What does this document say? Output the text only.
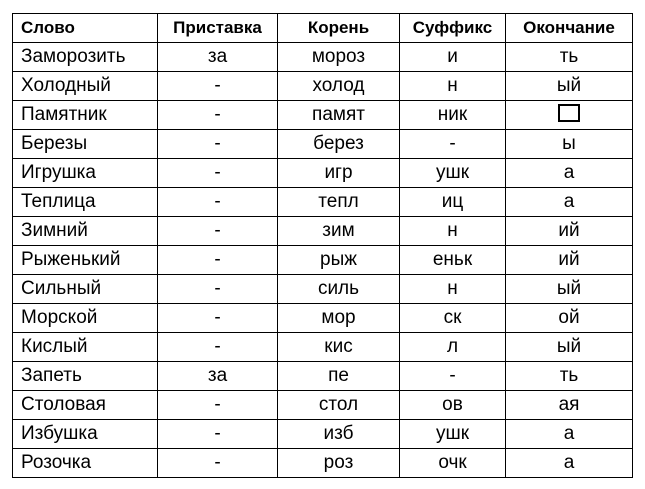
Слово	Приставка	Корень	Суффикс	Окончание
Заморозить	за	мороз	и	ть
Холодный	-	холод	н	ый
Памятник	-	памят	ник	
Березы	-	берез	-	ы
Игрушка	-	игр	ушк	а
Теплица	-	тепл	иц	а
Зимний	-	зим	н	ий
Рыженький	-	рыж	еньк	ий
Сильный	-	силь	н	ый
Морской	-	мор	ск	ой
Кислый	-	кис	л	ый
Запеть	за	пе	-	ть
Столовая	-	стол	ов	ая
Избушка	-	изб	ушк	а
Розочка	-	роз	очк	а
